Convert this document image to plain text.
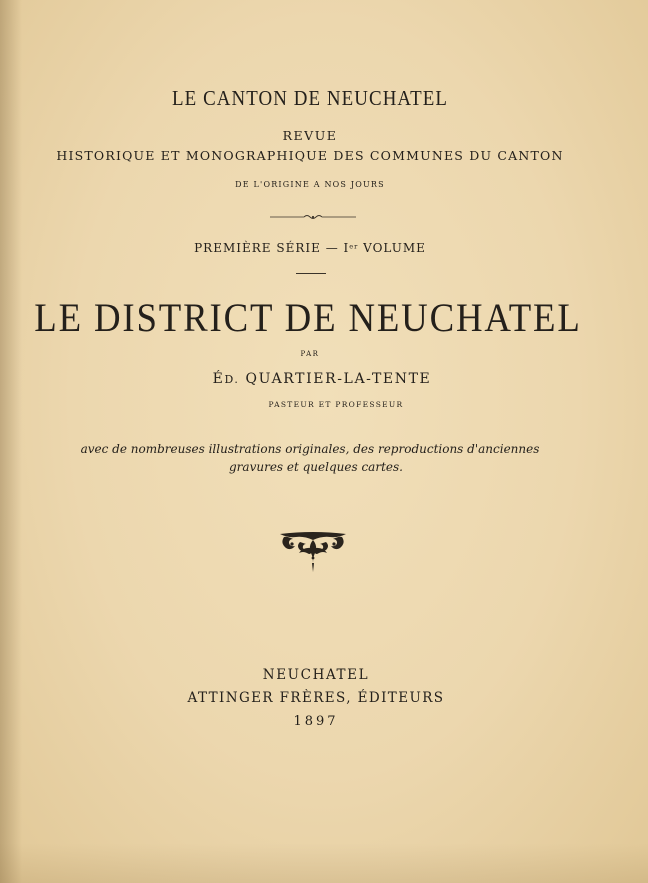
LE CANTON DE NEUCHATEL
REVUE
HISTORIQUE ET MONOGRAPHIQUE DES COMMUNES DU CANTON
DE L'ORIGINE A NOS JOURS
PREMIÈRE SÉRIE — Ier VOLUME
LE DISTRICT DE NEUCHATEL
PAR
ÉD. QUARTIER-LA-TENTE
PASTEUR ET PROFESSEUR
avec de nombreuses illustrations originales, des reproductions d'anciennes
gravures et quelques cartes.
NEUCHATEL
ATTINGER FRÈRES, ÉDITEURS
1897
